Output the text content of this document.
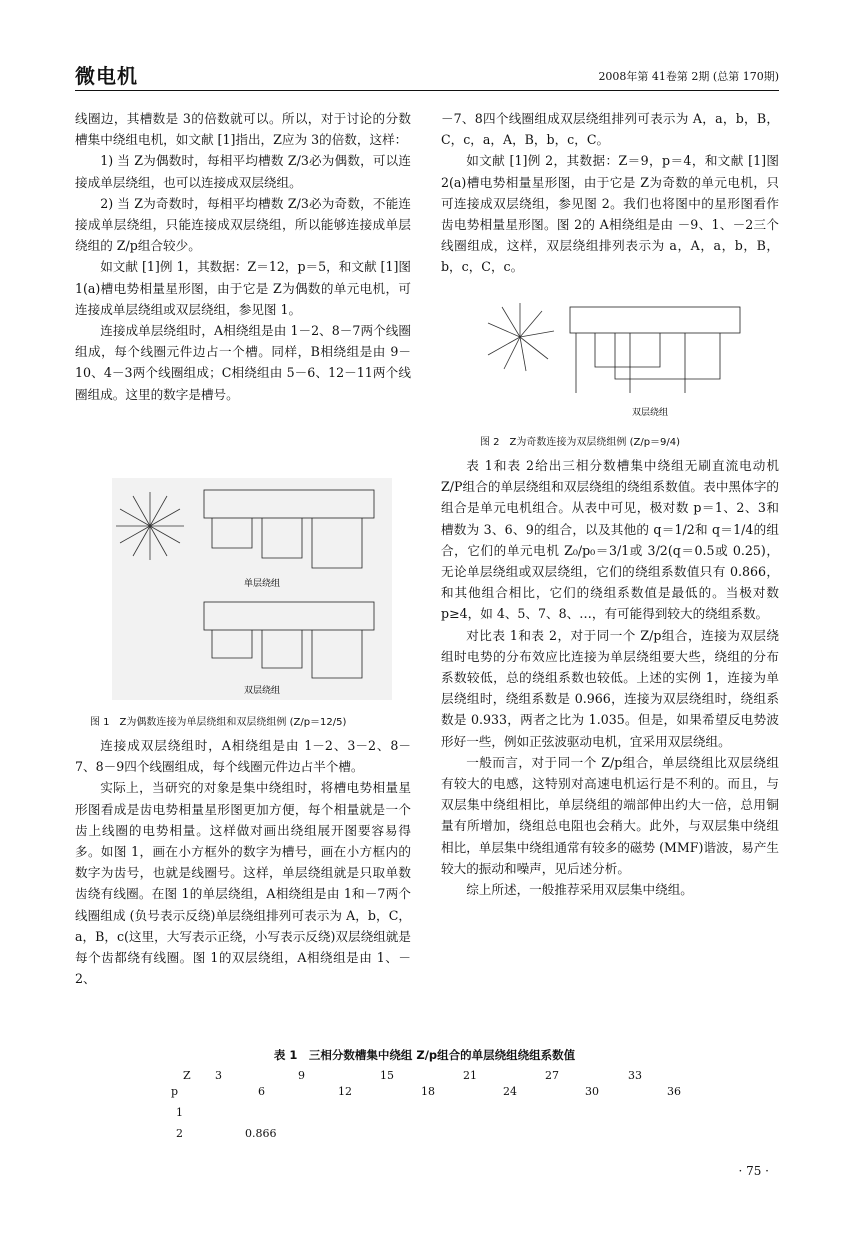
微电机	2008年第 41卷第 2期 (总第 170期)

线圈边，其槽数是 3的倍数就可以。所以，对于讨论的分数槽集中绕组电机，如文献 [1]指出，Z应为 3的倍数，这样：

1) 当 Z为偶数时，每相平均槽数 Z/3必为偶数，可以连接成单层绕组，也可以连接成双层绕组。

2) 当 Z为奇数时，每相平均槽数 Z/3必为奇数，不能连接成单层绕组，只能连接成双层绕组，所以能够连接成单层绕组的 Z/p组合较少。

如文献 [1]例 1，其数据：Z＝12，p＝5，和文献 [1]图 1(a)槽电势相量星形图，由于它是 Z为偶数的单元电机，可连接成单层绕组或双层绕组，参见图 1。

连接成单层绕组时，A相绕组是由 1－2、8－7两个线圈组成，每个线圈元件边占一个槽。同样，B相绕组是由 9－10、4－3两个线圈组成；C相绕组由 5－6、12－11两个线圈组成。这里的数字是槽号。

单层绕组
双层绕组
图 1　Z为偶数连接为单层绕组和双层绕组例 (Z/p＝12/5)

连接成双层绕组时，A相绕组是由 1－2、3－2、8－7、8－9四个线圈组成，每个线圈元件边占半个槽。

实际上，当研究的对象是集中绕组时，将槽电势相量星形图看成是齿电势相量星形图更加方便，每个相量就是一个齿上线圈的电势相量。这样做对画出绕组展开图要容易得多。如图 1，画在小方框外的数字为槽号，画在小方框内的数字为齿号，也就是线圈号。这样，单层绕组就是只取单数齿绕有线圈。在图 1的单层绕组，A相绕组是由 1和－7两个线圈组成 (负号表示反绕)单层绕组排列可表示为 A，b，C，a，B，c(这里，大写表示正绕，小写表示反绕)双层绕组就是每个齿都绕有线圈。图 1的双层绕组，A相绕组是由 1、－2、

－7、8四个线圈组成双层绕组排列可表示为 A，a，b，B，C，c，a，A，B，b，c，C。

如文献 [1]例 2，其数据：Z＝9，p＝4，和文献 [1]图 2(a)槽电势相量星形图，由于它是 Z为奇数的单元电机，只可连接成双层绕组，参见图 2。我们也将图中的星形图看作齿电势相量星形图。图 2的 A相绕组是由 －9、1、－2三个线圈组成，这样，双层绕组排列表示为 a，A，a，b，B，b，c，C，c。

双层绕组
图 2　Z为奇数连接为双层绕组例 (Z/p＝9/4)

表 1和表 2给出三相分数槽集中绕组无刷直流电动机 Z/P组合的单层绕组和双层绕组的绕组系数值。表中黑体字的组合是单元电机组合。从表中可见，极对数 p＝1、2、3和槽数为 3、6、9的组合，以及其他的 q＝1/2和 q＝1/4的组合，它们的单元电机 Z₀/p₀＝3/1或 3/2(q＝0.5或 0.25)，无论单层绕组或双层绕组，它们的绕组系数值只有 0.866，和其他组合相比，它们的绕组系数值是最低的。当极对数 p≥4，如 4、5、7、8、…，有可能得到较大的绕组系数。

对比表 1和表 2，对于同一个 Z/p组合，连接为双层绕组时电势的分布效应比连接为单层绕组要大些，绕组的分布系数较低，总的绕组系数也较低。上述的实例 1，连接为单层绕组时，绕组系数是 0.966，连接为双层绕组时，绕组系数是 0.933，两者之比为 1.035。但是，如果希望反电势波形好一些，例如正弦波驱动电机，宜采用双层绕组。

一般而言，对于同一个 Z/p组合，单层绕组比双层绕组有较大的电感，这特别对高速电机运行是不利的。而且，与双层集中绕组相比，单层绕组的端部伸出约大一倍，总用铜量有所增加，绕组总电阻也会稍大。此外，与双层集中绕组相比，单层集中绕组通常有较多的磁势 (MMF)谐波，易产生较大的振动和噪声，见后述分析。

综上所述，一般推荐采用双层集中绕组。

表 1　三相分数槽集中绕组 Z/p组合的单层绕组绕组系数值
Z 3	9	15	21	27	33
p	6	12	18	24	30	36
1
2	0.866
· 75 ·
